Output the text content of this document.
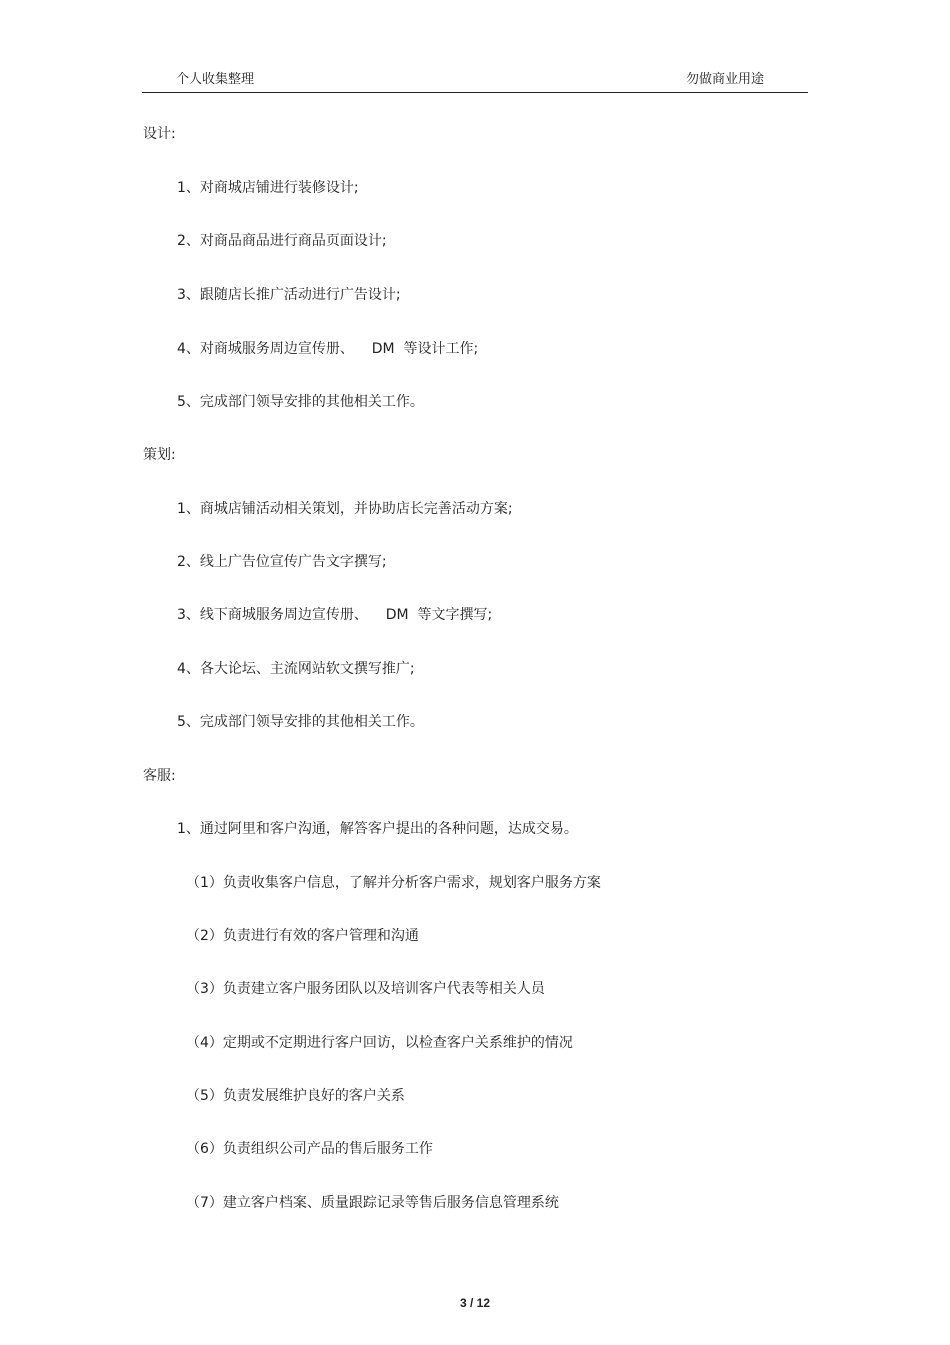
个人收集整理	勿做商业用途
设计:
1、对商城店铺进行装修设计;
2、对商品商品进行商品页面设计;
3、跟随店长推广活动进行广告设计;
4、对商城服务周边宣传册、    DM  等设计工作;
5、完成部门领导安排的其他相关工作。
策划:
1、商城店铺活动相关策划，并协助店长完善活动方案;
2、线上广告位宣传广告文字撰写;
3、线下商城服务周边宣传册、    DM  等文字撰写;
4、各大论坛、主流网站软文撰写推广;
5、完成部门领导安排的其他相关工作。
客服:
1、通过阿里和客户沟通，解答客户提出的各种问题，达成交易。
（1）负责收集客户信息，了解并分析客户需求，规划客户服务方案
（2）负责进行有效的客户管理和沟通
（3）负责建立客户服务团队以及培训客户代表等相关人员
（4）定期或不定期进行客户回访，以检查客户关系维护的情况
（5）负责发展维护良好的客户关系
（6）负责组织公司产品的售后服务工作
（7）建立客户档案、质量跟踪记录等售后服务信息管理系统
3 / 12
